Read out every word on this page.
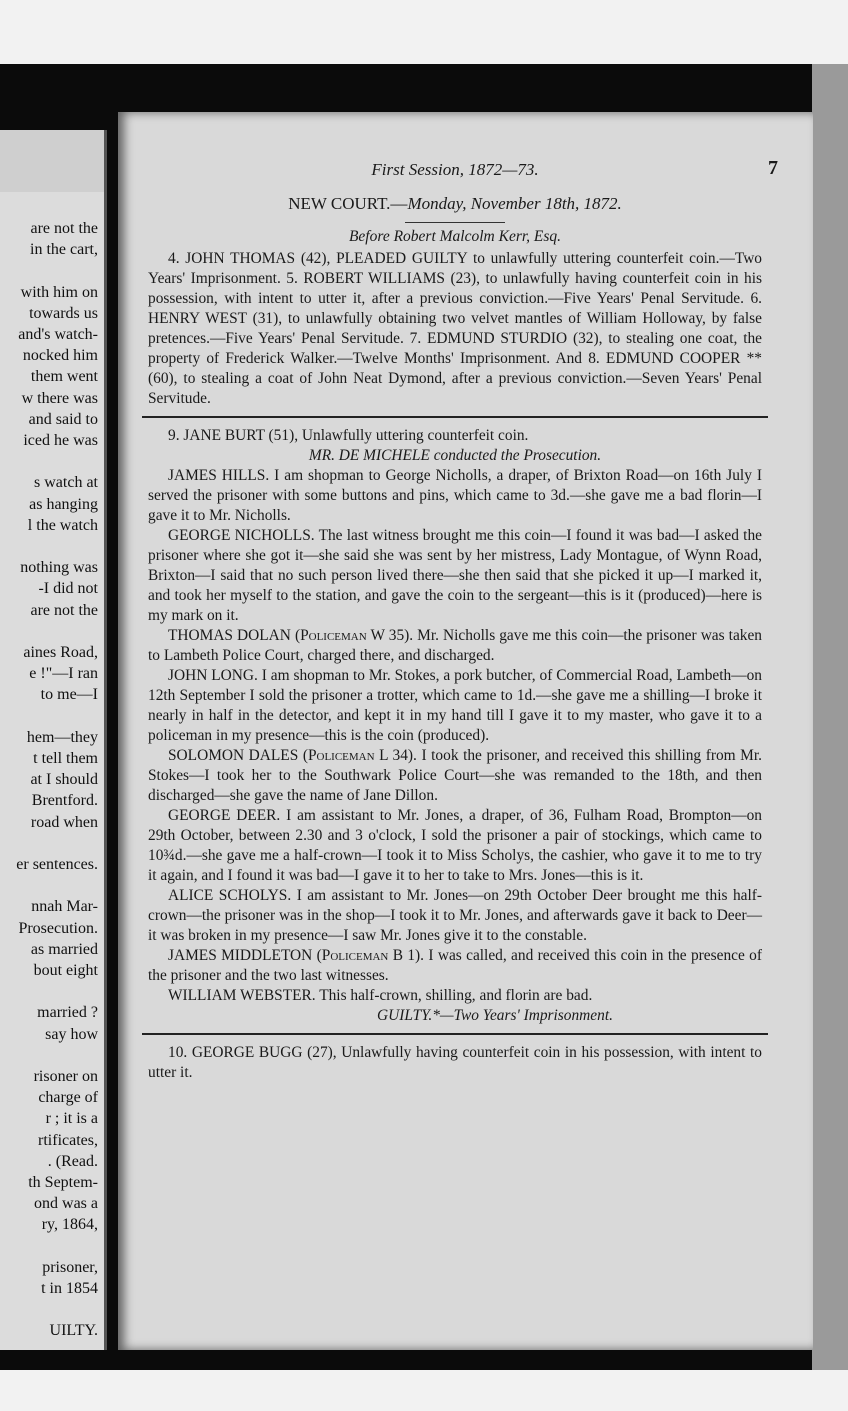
are not the
in the cart,
with him on
towards us
and's watch-
nocked him
them went
w there was
and said to
iced he was
s watch at
as hanging
l the watch
nothing was
-I did not
are not the
aines Road,
e !"—I ran
to me—I
hem—they
t tell them
at I should
Brentford.
road when
er sentences.
nnah Mar-
Prosecution.
as married
bout eight
married ?
say how
risoner on
charge of
r ; it is a
rtificates,
. (Read.
th Septem-
ond was a
ry, 1864,
prisoner,
t in 1854
UILTY.
First Session, 1872—73.	7
NEW COURT.—Monday, November 18th, 1872.
Before Robert Malcolm Kerr, Esq.

4. JOHN THOMAS (42), PLEADED GUILTY to unlawfully uttering counterfeit coin.—Two Years' Imprisonment. 5. ROBERT WILLIAMS (23), to unlawfully having counterfeit coin in his possession, with intent to utter it, after a previous conviction.—Five Years' Penal Servitude. 6. HENRY WEST (31), to unlawfully obtaining two velvet mantles of William Holloway, by false pretences.—Five Years' Penal Servitude. 7. EDMUND STURDIO (32), to stealing one coat, the property of Frederick Walker.—Twelve Months' Imprisonment. And 8. EDMUND COOPER ** (60), to stealing a coat of John Neat Dymond, after a previous conviction.—Seven Years' Penal Servitude.

9. JANE BURT (51), Unlawfully uttering counterfeit coin.

MR. DE MICHELE conducted the Prosecution.

JAMES HILLS. I am shopman to George Nicholls, a draper, of Brixton Road—on 16th July I served the prisoner with some buttons and pins, which came to 3d.—she gave me a bad florin—I gave it to Mr. Nicholls.

GEORGE NICHOLLS. The last witness brought me this coin—I found it was bad—I asked the prisoner where she got it—she said she was sent by her mistress, Lady Montague, of Wynn Road, Brixton—I said that no such person lived there—she then said that she picked it up—I marked it, and took her myself to the station, and gave the coin to the sergeant—this is it (produced)—here is my mark on it.

THOMAS DOLAN (Policeman W 35). Mr. Nicholls gave me this coin—the prisoner was taken to Lambeth Police Court, charged there, and discharged.

JOHN LONG. I am shopman to Mr. Stokes, a pork butcher, of Commercial Road, Lambeth—on 12th September I sold the prisoner a trotter, which came to 1d.—she gave me a shilling—I broke it nearly in half in the detector, and kept it in my hand till I gave it to my master, who gave it to a policeman in my presence—this is the coin (produced).

SOLOMON DALES (Policeman L 34). I took the prisoner, and received this shilling from Mr. Stokes—I took her to the Southwark Police Court—she was remanded to the 18th, and then discharged—she gave the name of Jane Dillon.

GEORGE DEER. I am assistant to Mr. Jones, a draper, of 36, Fulham Road, Brompton—on 29th October, between 2.30 and 3 o'clock, I sold the prisoner a pair of stockings, which came to 10¾d.—she gave me a half-crown—I took it to Miss Scholys, the cashier, who gave it to me to try it again, and I found it was bad—I gave it to her to take to Mrs. Jones—this is it.

ALICE SCHOLYS. I am assistant to Mr. Jones—on 29th October Deer brought me this half-crown—the prisoner was in the shop—I took it to Mr. Jones, and afterwards gave it back to Deer—it was broken in my presence—I saw Mr. Jones give it to the constable.

JAMES MIDDLETON (Policeman B 1). I was called, and received this coin in the presence of the prisoner and the two last witnesses.

WILLIAM WEBSTER. This half-crown, shilling, and florin are bad.

GUILTY.*—Two Years' Imprisonment.

10. GEORGE BUGG (27), Unlawfully having counterfeit coin in his possession, with intent to utter it.
